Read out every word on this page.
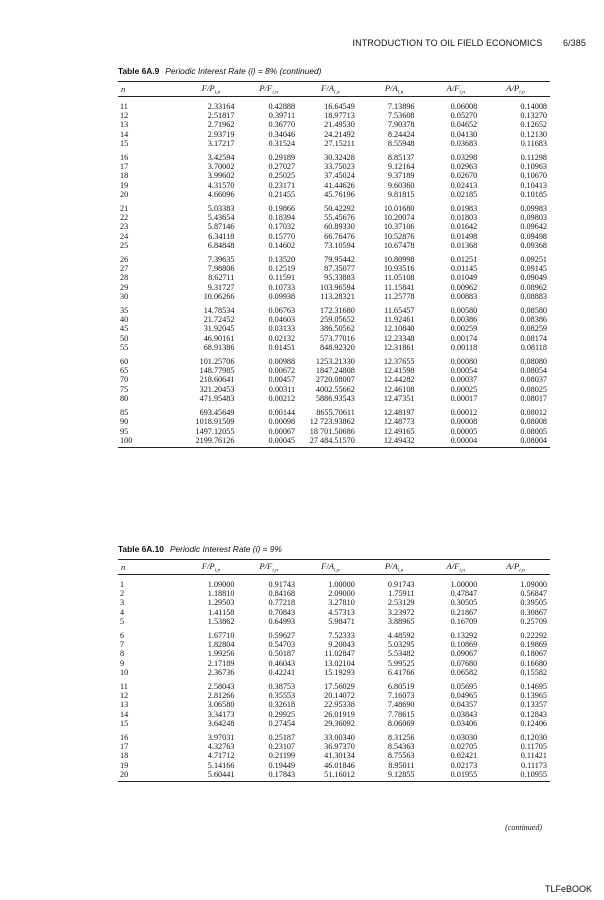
INTRODUCTION TO OIL FIELD ECONOMICS 6/385
Table 6A.9 Periodic Interest Rate (i) = 8% (continued)
n	$F/P_{i,n}$	$P/F_{i,n}$	$F/A_{i,n}$	$P/A_{i,n}$	$A/F_{i,n}$	$A/P_{i,n}$
11	2.33164	0.42888	16.64549	7.13896	0.06008	0.14008
12	2.51817	0.39711	18.97713	7.53608	0.05270	0.13270
13	2.71962	0.36770	21.49530	7.90378	0.04652	0.12652
14	2.93719	0.34046	24.21492	8.24424	0.04130	0.12130
15	3.17217	0.31524	27.15211	8.55948	0.03683	0.11683
16	3.42594	0.29189	30.32428	8.85137	0.03298	0.11298
17	3.70002	0.27027	33.75023	9.12164	0.02963	0.10963
18	3.99602	0.25025	37.45024	9.37189	0.02670	0.10670
19	4.31570	0.23171	41.44626	9.60360	0.02413	0.10413
20	4.66096	0.21455	45.76196	9.81815	0.02185	0.10185
21	5.03383	0.19866	50.42292	10.01680	0.01983	0.09983
22	5.43654	0.18394	55.45676	10.20074	0.01803	0.09803
23	5.87146	0.17032	60.89330	10.37106	0.01642	0.09642
24	6.34118	0.15770	66.76476	10.52876	0.01498	0.09498
25	6.84848	0.14602	73.10594	10.67478	0.01368	0.09368
26	7.39635	0.13520	79.95442	10.80998	0.01251	0.09251
27	7.98806	0.12519	87.35077	10.93516	0.01145	0.09145
28	8.62711	0.11591	95.33883	11.05108	0.01049	0.09049
29	9.31727	0.10733	103.96594	11.15841	0.00962	0.08962
30	10.06266	0.09938	113.28321	11.25778	0.00883	0.08883
35	14.78534	0.06763	172.31680	11.65457	0.00580	0.08580
40	21.72452	0.04603	259.05652	11.92461	0.00386	0.08386
45	31.92045	0.03133	386.50562	12.10840	0.00259	0.08259
50	46.90161	0.02132	573.77016	12.23348	0.00174	0.08174
55	68.91386	0.01451	848.92320	12.31861	0.00118	0.08118
60	101.25706	0.00988	1253.21330	12.37655	0.00080	0.08080
65	148.77985	0.00672	1847.24808	12.41598	0.00054	0.08054
70	218.60641	0.00457	2720.08007	12.44282	0.00037	0.08037
75	321.20453	0.00311	4002.55662	12.46108	0.00025	0.08025
80	471.95483	0.00212	5886.93543	12.47351	0.00017	0.08017
85	693.45649	0.00144	8655.70611	12.48197	0.00012	0.08012
90	1018.91509	0.00098	12 723.93862	12.48773	0.00008	0.08008
95	1497.12055	0.00067	18 701.50686	12.49165	0.00005	0.08005
100	2199.76126	0.00045	27 484.51570	12.49432	0.00004	0.08004
Table 6A.10 Periodic Interest Rate (i) = 9%
n	$F/P_{i,n}$	$P/F_{i,n}$	$F/A_{i,n}$	$P/A_{i,n}$	$A/F_{i,n}$	$A/P_{i,n}$
1	1.09000	0.91743	1.00000	0.91743	1.00000	1.09000
2	1.18810	0.84168	2.09000	1.75911	0.47847	0.56847
3	1.29503	0.77218	3.27810	2.53129	0.30505	0.39505
4	1.41158	0.70843	4.57313	3.23972	0.21867	0.30867
5	1.53862	0.64993	5.98471	3.88965	0.16709	0.25709
6	1.67710	0.59627	7.52333	4.48592	0.13292	0.22292
7	1.82804	0.54703	9.20043	5.03295	0.10869	0.19869
8	1.99256	0.50187	11.02847	5.53482	0.09067	0.18067
9	2.17189	0.46043	13.02104	5.99525	0.07680	0.16680
10	2.36736	0.42241	15.19293	6.41766	0.06582	0.15582
11	2.58043	0.38753	17.56029	6.80519	0.05695	0.14695
12	2.81266	0.35553	20.14072	7.16073	0.04965	0.13965
13	3.06580	0.32618	22.95338	7.48690	0.04357	0.13357
14	3.34173	0.29925	26.01919	7.78615	0.03843	0.12843
15	3.64248	0.27454	29.36092	8.06069	0.03406	0.12406
16	3.97031	0.25187	33.00340	8.31256	0.03030	0.12030
17	4.32763	0.23107	36.97370	8.54363	0.02705	0.11705
18	4.71712	0.21199	41.30134	8.75563	0.02421	0.11421
19	5.14166	0.19449	46.01846	8.95011	0.02173	0.11173
20	5.60441	0.17843	51.16012	9.12855	0.01955	0.10955
(continued)
TLFeBOOK
